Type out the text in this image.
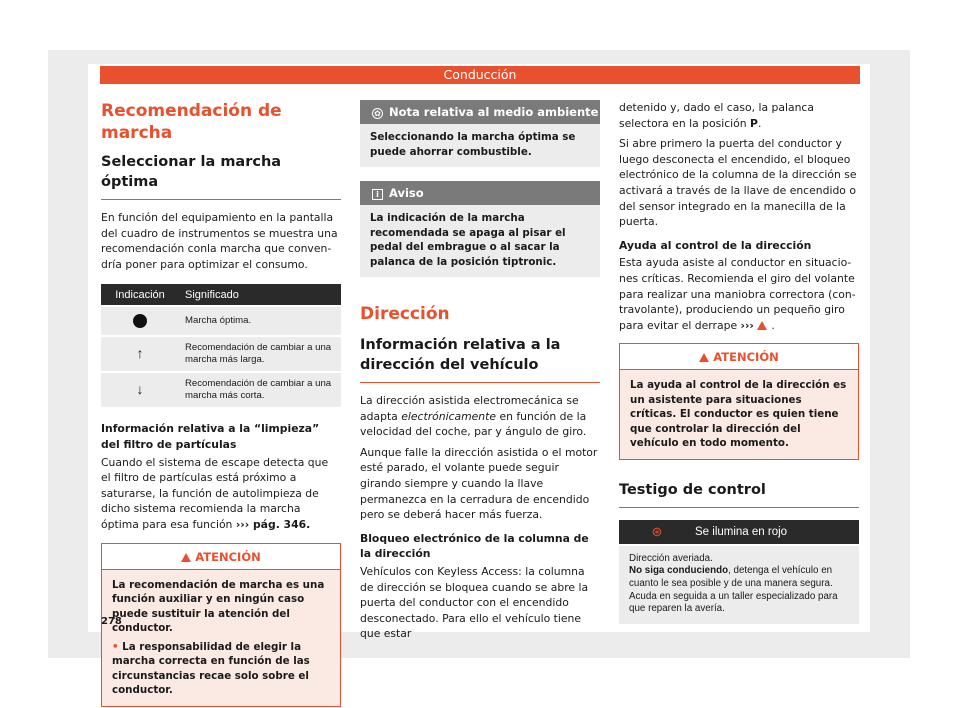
Conducción
Recomendación de marcha
Seleccionar la marcha óptima

En función del equipamiento en la pantalla del cuadro de instrumentos se muestra una recomendación conla marcha que convendría poner para optimizar el consumo.

Indicación	Significado
	Marcha óptima.
↑	Recomendación de cambiar a una marcha más larga.
↓	Recomendación de cambiar a una marcha más corta.

Información relativa a la “limpieza” del filtro de partículas

Cuando el sistema de escape detecta que el filtro de partículas está próximo a saturarse, la función de autolimpieza de dicho sistema recomienda la marcha óptima para esa función ››› pág. 346.

ATENCIÓN
La recomendación de marcha es una función auxiliar y en ningún caso puede sustituir la atención del conductor.
• La responsabilidad de elegir la marcha correcta en función de las circunstancias recae solo sobre el conductor.
✿ Nota relativa al medio ambiente
Seleccionando la marcha óptima se puede ahorrar combustible.
i Aviso
La indicación de la marcha recomendada se apaga al pisar el pedal del embrague o al sacar la palanca de la posición tiptronic.
Dirección
Información relativa a la dirección del vehículo

La dirección asistida electromecánica se adapta electrónicamente en función de la velocidad del coche, par y ángulo de giro.

Aunque falle la dirección asistida o el motor esté parado, el volante puede seguir girando siempre y cuando la llave permanezca en la cerradura de encendido pero se deberá hacer más fuerza.

Bloqueo electrónico de la columna de la dirección

Vehículos con Keyless Access: la columna de dirección se bloquea cuando se abre la puerta del conductor con el encendido desconectado. Para ello el vehículo tiene que estar

detenido y, dado el caso, la palanca selectora en la posición P.

Si abre primero la puerta del conductor y luego desconecta el encendido, el bloqueo electrónico de la columna de la dirección se activará a través de la llave de encendido o del sensor integrado en la manecilla de la puerta.

Ayuda al control de la dirección

Esta ayuda asiste al conductor en situaciones críticas. Recomienda el giro del volante para realizar una maniobra correctora (contravolante), produciendo un pequeño giro para evitar el derrape ››› .

ATENCIÓN
La ayuda al control de la dirección es un asistente para situaciones críticas. El conductor es quien tiene que controlar la dirección del vehículo en todo momento.
Testigo de control
⊛	Se ilumina en rojo
Dirección averiada.
No siga conduciendo, detenga el vehículo en cuanto le sea posible y de una manera segura.
Acuda en seguida a un taller especializado para que reparen la avería.
278
